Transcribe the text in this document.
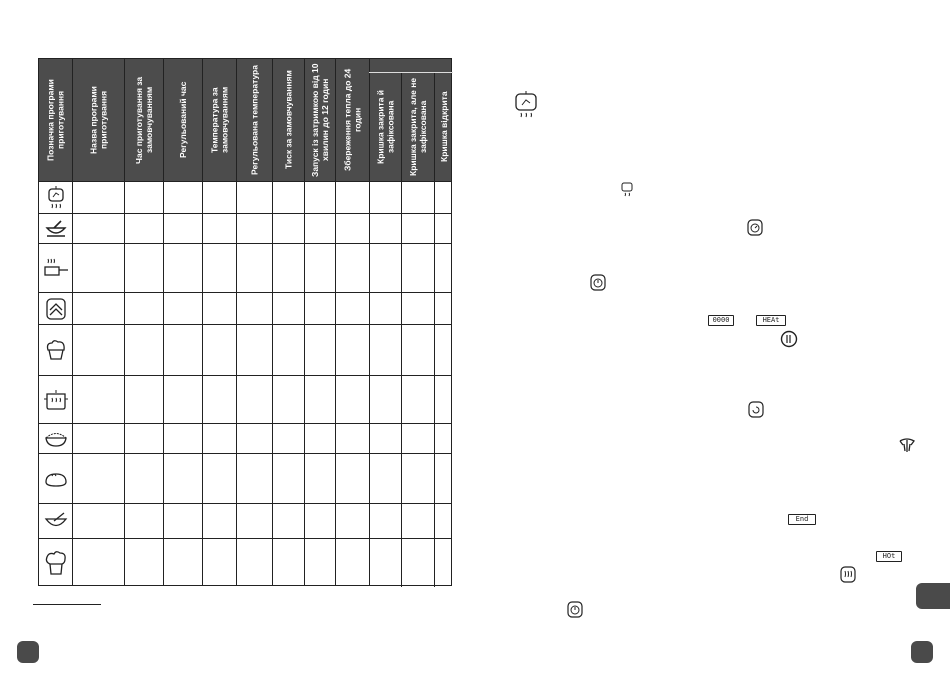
Позначка програми приготування	Назва програми приготування	Час приготування за замовчуванням	Регульований час	Температура за замовчуванням	Регульована температура	Тиск за замовчуванням	Запуск із затримкою від 10 хвилин до 12 годин	Збереження тепла до 24 годин	Кришка закрита й зафіксована	Кришка закрита, але не зафіксована	Кришка відкрита
0000	HEAt
End
HOt
